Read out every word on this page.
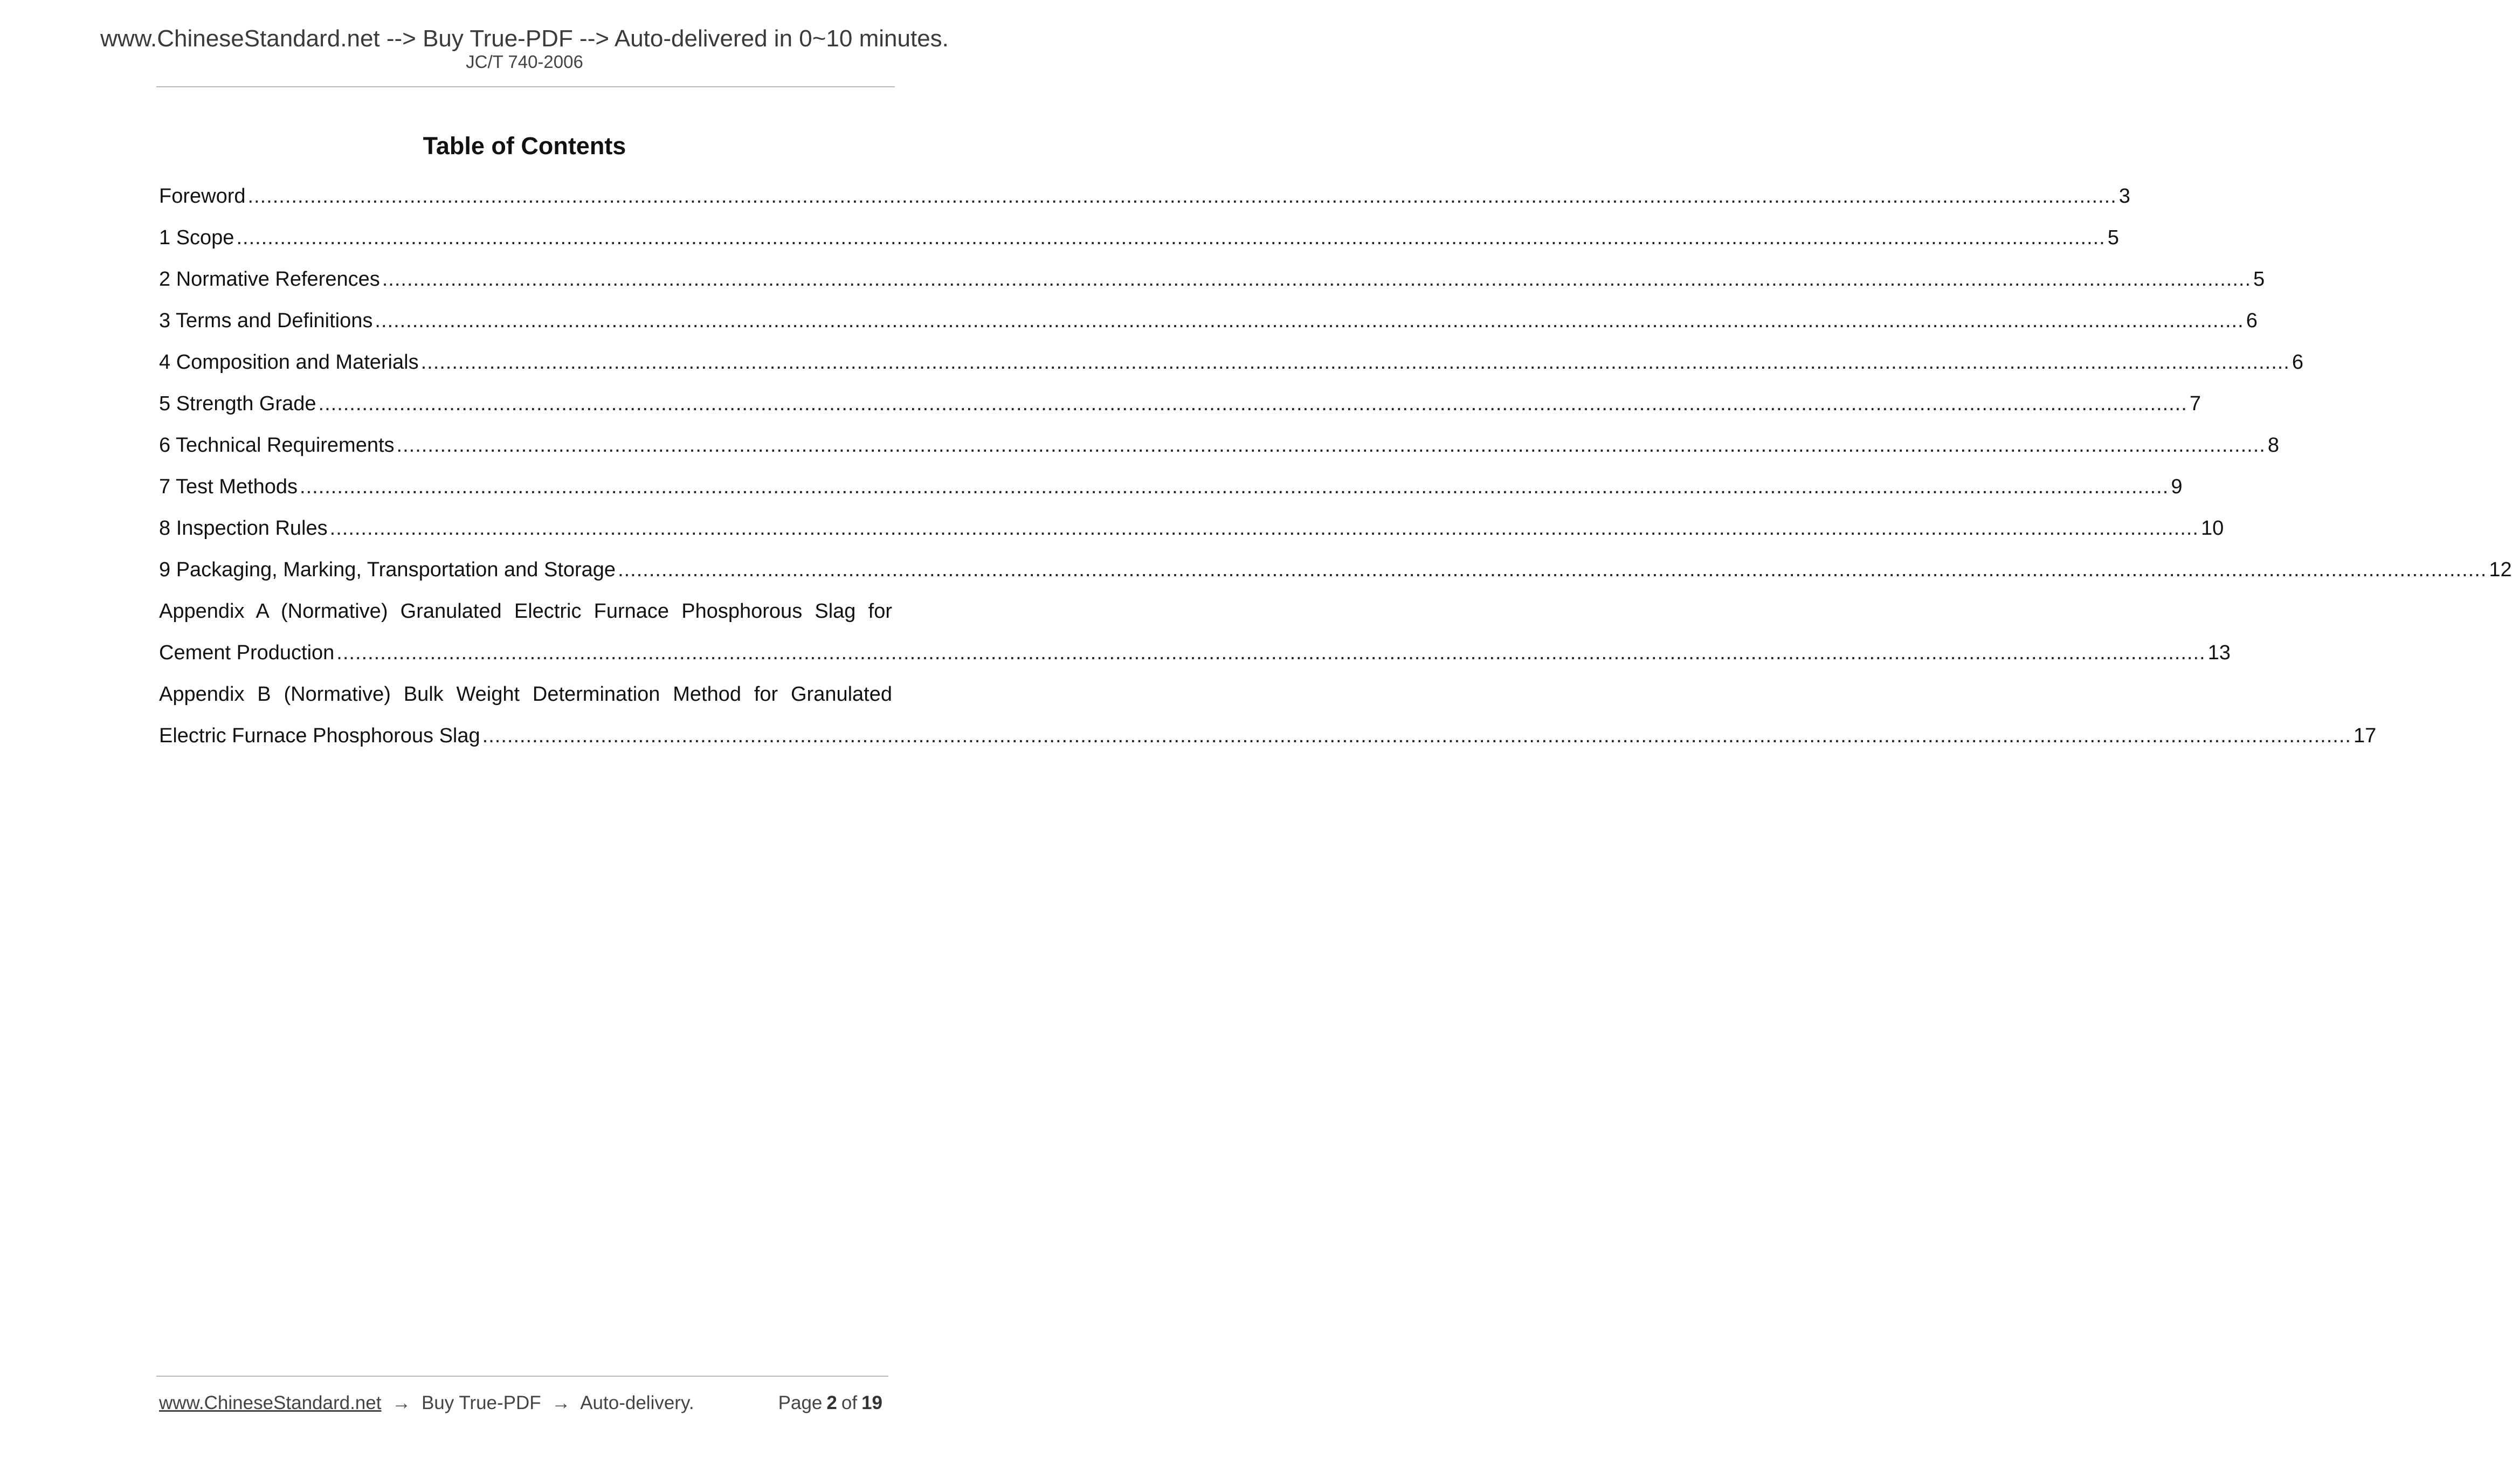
www.ChineseStandard.net --> Buy True-PDF --> Auto-delivered in 0~10 minutes.
JC/T 740-2006
Table of Contents
Foreword ............................................................................................................................................................................................................................................................................................................ 3
1 Scope ............................................................................................................................................................................................................................................................................................................ 5
2 Normative References ............................................................................................................................................................................................................................................................................................................ 5
3 Terms and Definitions ............................................................................................................................................................................................................................................................................................................ 6
4 Composition and Materials ............................................................................................................................................................................................................................................................................................................ 6
5 Strength Grade ............................................................................................................................................................................................................................................................................................................ 7
6 Technical Requirements ............................................................................................................................................................................................................................................................................................................ 8
7 Test Methods ............................................................................................................................................................................................................................................................................................................ 9
8 Inspection Rules ............................................................................................................................................................................................................................................................................................................ 10
9 Packaging, Marking, Transportation and Storage ............................................................................................................................................................................................................................................................................................................ 12
Appendix A (Normative) Granulated Electric Furnace Phosphorous Slag for
Cement Production ............................................................................................................................................................................................................................................................................................................ 13
Appendix B (Normative) Bulk Weight Determination Method for Granulated
Electric Furnace Phosphorous Slag ............................................................................................................................................................................................................................................................................................................ 17
www.ChineseStandard.net → Buy True-PDF → Auto-delivery.	Page 2 of 19
